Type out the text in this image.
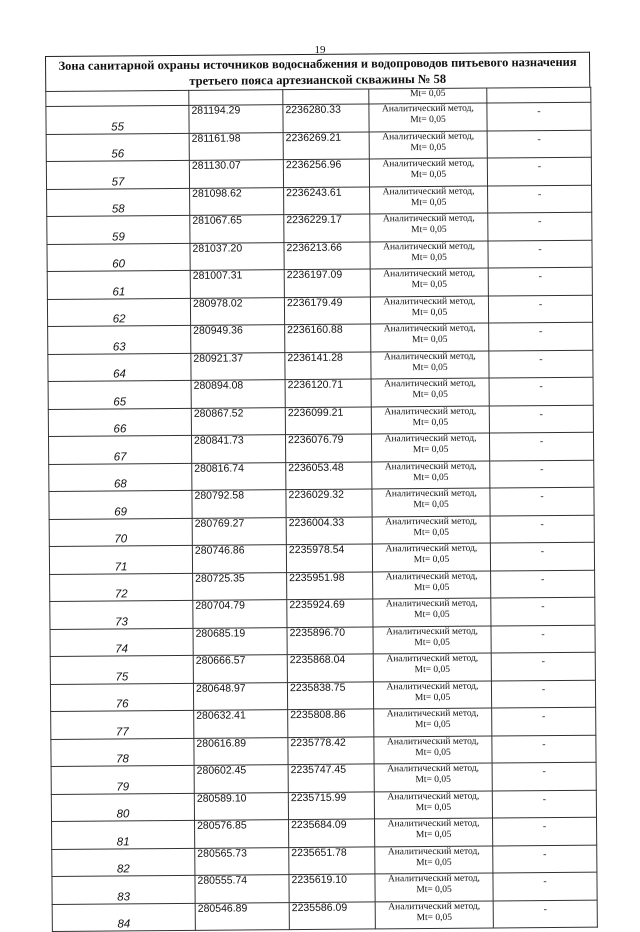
19
Зона санитарной охраны источников водоснабжения и водопроводов питьевого назначения третьего пояса артезианской скважины № 58

			Мt= 0,05	

55	281194.29	2236280.33	Аналитический метод,
Мt= 0,05	-
56	281161.98	2236269.21	Аналитический метод,
Мt= 0,05	-
57	281130.07	2236256.96	Аналитический метод,
Мt= 0,05	-
58	281098.62	2236243.61	Аналитический метод,
Мt= 0,05	-
59	281067.65	2236229.17	Аналитический метод,
Мt= 0,05	-
60	281037.20	2236213.66	Аналитический метод,
Мt= 0,05	-
61	281007.31	2236197.09	Аналитический метод,
Мt= 0,05	-
62	280978.02	2236179.49	Аналитический метод,
Мt= 0,05	-
63	280949.36	2236160.88	Аналитический метод,
Мt= 0,05	-
64	280921.37	2236141.28	Аналитический метод,
Мt= 0,05	-
65	280894.08	2236120.71	Аналитический метод,
Мt= 0,05	-
66	280867.52	2236099.21	Аналитический метод,
Мt= 0,05	-
67	280841.73	2236076.79	Аналитический метод,
Мt= 0,05	-
68	280816.74	2236053.48	Аналитический метод,
Мt= 0,05	-
69	280792.58	2236029.32	Аналитический метод,
Мt= 0,05	-
70	280769.27	2236004.33	Аналитический метод,
Мt= 0,05	-
71	280746.86	2235978.54	Аналитический метод,
Мt= 0,05	-
72	280725.35	2235951.98	Аналитический метод,
Мt= 0,05	-
73	280704.79	2235924.69	Аналитический метод,
Мt= 0,05	-
74	280685.19	2235896.70	Аналитический метод,
Мt= 0,05	-
75	280666.57	2235868.04	Аналитический метод,
Мt= 0,05	-
76	280648.97	2235838.75	Аналитический метод,
Мt= 0,05	-
77	280632.41	2235808.86	Аналитический метод,
Мt= 0,05	-
78	280616.89	2235778.42	Аналитический метод,
Мt= 0,05	-
79	280602.45	2235747.45	Аналитический метод,
Мt= 0,05	-
80	280589.10	2235715.99	Аналитический метод,
Мt= 0,05	-
81	280576.85	2235684.09	Аналитический метод,
Мt= 0,05	-
82	280565.73	2235651.78	Аналитический метод,
Мt= 0,05	-
83	280555.74	2235619.10	Аналитический метод,
Мt= 0,05	-
84	280546.89	2235586.09	Аналитический метод,
Мt= 0,05	-
